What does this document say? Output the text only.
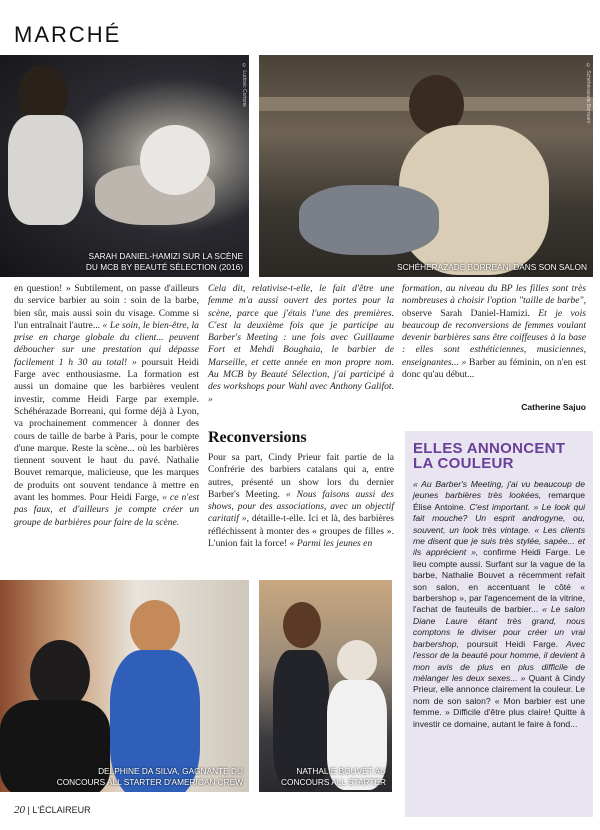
MARCHÉ
© Ludovic Cortone
SARAH DANIEL-HAMIZI SUR LA SCÈNE
DU MCB BY BEAUTÉ SÉLECTION (2016)
© Schéhérazade Borreani
SCHÉHÉRAZADE BORREANI DANS SON SALON

en question! » Subtilement, on passe d'ailleurs du service barbier au soin : soin de la barbe, bien sûr, mais aussi soin du visage. Comme si l'un entraînait l'autre... « Le soin, le bien-être, la prise en charge globale du client... peuvent déboucher sur une prestation qui dépasse facilement 1 h 30 au total! » poursuit Heidi Farge avec enthousiasme. La formation est aussi un domaine que les barbières veulent investir, comme Heidi Farge par exemple. Schéhérazade Borreani, qui forme déjà à Lyon, va prochainement commencer à donner des cours de taille de barbe à Paris, pour le compte d'une marque. Reste la scène... où les barbières tiennent souvent le haut du pavé. Nathalie Bouvet remarque, malicieuse, que les marques de produits ont souvent tendance à mettre en avant les hommes. Pour Heidi Farge, « ce n'est pas faux, et d'ailleurs je compte créer un groupe de barbières pour faire de la scène.

Cela dit, relativise-t-elle, le fait d'être une femme m'a aussi ouvert des portes pour la scène, parce que j'étais l'une des premières. C'est la deuxième fois que je participe au Barber's Meeting : une fois avec Guillaume Fort et Mehdi Boughaia, le barbier de Marseille, et cette année en mon propre nom. Au MCB by Beauté Sélection, j'ai participé à des workshops pour Wahl avec Anthony Galifot. »

Reconversions

Pour sa part, Cindy Prieur fait partie de la Confrérie des barbiers catalans qui a, entre autres, présenté un show lors du dernier Barber's Meeting. « Nous faisons aussi des shows, pour des associations, avec un objectif caritatif », détaille-t-elle. Ici et là, des barbières réfléchissent à monter des « groupes de filles ». L'union fait la force! « Parmi les jeunes en

formation, au niveau du BP les filles sont très nombreuses à choisir l'option "taille de barbe", observe Sarah Daniel-Hamizi. Et je vois beaucoup de reconversions de femmes voulant devenir barbières sans être coiffeuses à la base : elles sont esthéticiennes, musiciennes, enseignantes... » Barber au féminin, on n'en est donc qu'au début...

Catherine Sajuo
ELLES ANNONCENT
LA COULEUR
« Au Barber's Meeting, j'ai vu beaucoup de jeunes barbières très lookées, remarque Élise Antoine. C'est important. » Le look qui fait mouche? Un esprit androgyne, ou, souvent, un look très vintage. « Les clients me disent que je suis très stylée, sapée... et ils apprécient », confirme Heidi Farge. Le lieu compte aussi. Surfant sur la vague de la barbe, Nathalie Bouvet a récemment refait son salon, en accentuant le côté « barbershop », par l'agencement de la vitrine, l'achat de fauteuils de barbier... « Le salon Diane Laure étant très grand, nous comptons le diviser pour créer un vrai barbershop, poursuit Heidi Farge. Avec l'essor de la beauté pour homme, il devient à mon avis de plus en plus difficile de mélanger les deux sexes... » Quant à Cindy Prieur, elle annonce clairement la couleur. Le nom de son salon? « Mon barbier est une femme. » Difficile d'être plus claire! Quitte à investir ce domaine, autant le faire à fond...
DELPHINE DA SILVA, GAGNANTE DU
CONCOURS ALL STARTER D'AMERICAN CREW
NATHALIE BOUVET AU
CONCOURS ALL STARTER
20 | L'ÉCLAIREUR
